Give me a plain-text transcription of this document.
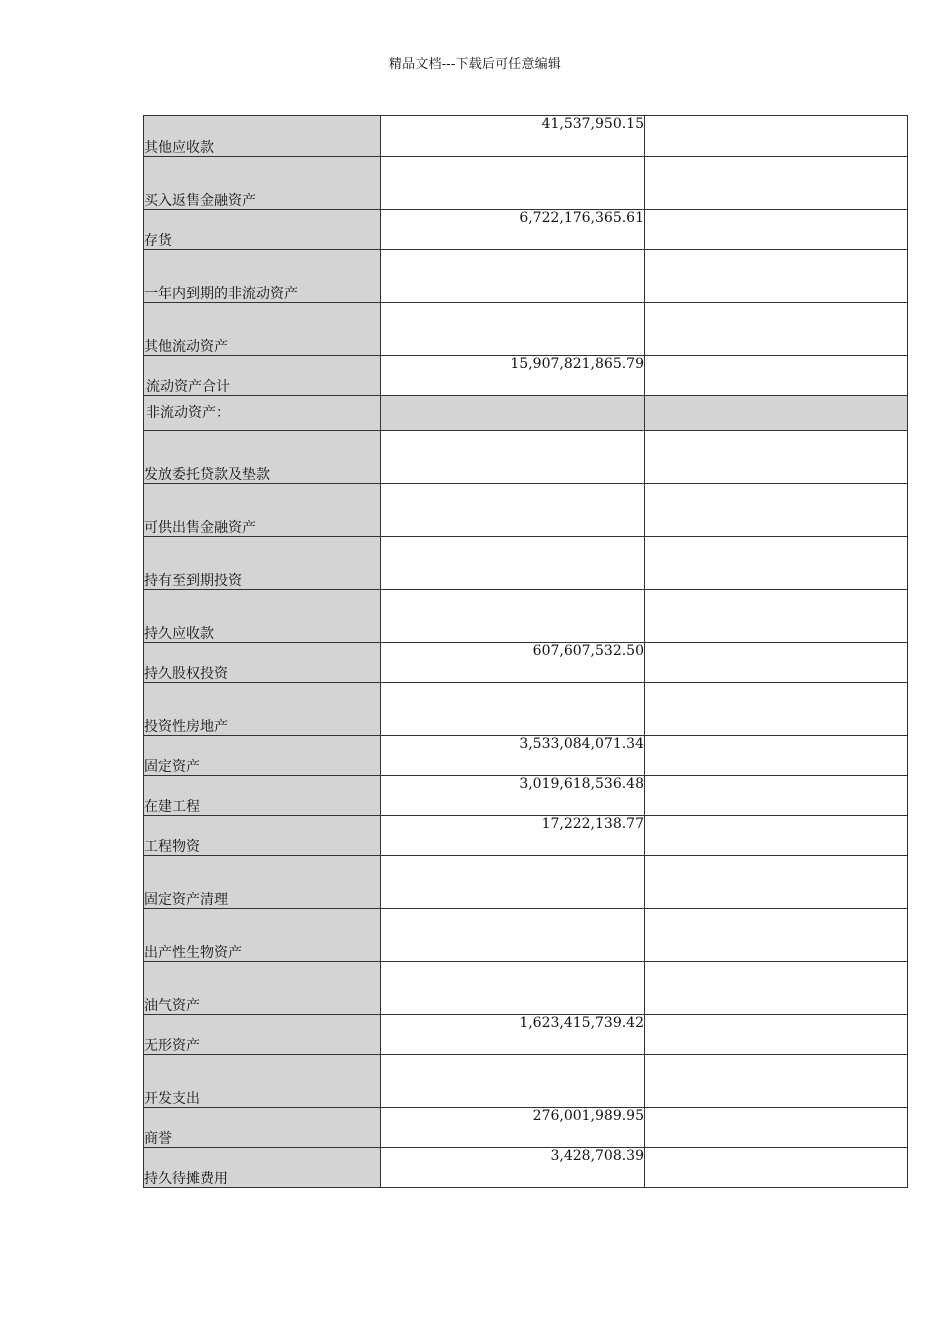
精品文档---下载后可任意编辑
其他应收款	41,537,950.15	
买入返售金融资产		
存货	6,722,176,365.61	
一年内到期的非流动资产		
其他流动资产		
流动资产合计	15,907,821,865.79	
非流动资产：		
发放委托贷款及垫款		
可供出售金融资产		
持有至到期投资		
持久应收款		
持久股权投资	607,607,532.50	
投资性房地产		
固定资产	3,533,084,071.34	
在建工程	3,019,618,536.48	
工程物资	17,222,138.77	
固定资产清理		
出产性生物资产		
油气资产		
无形资产	1,623,415,739.42	
开发支出		
商誉	276,001,989.95	
持久待摊费用	3,428,708.39	
